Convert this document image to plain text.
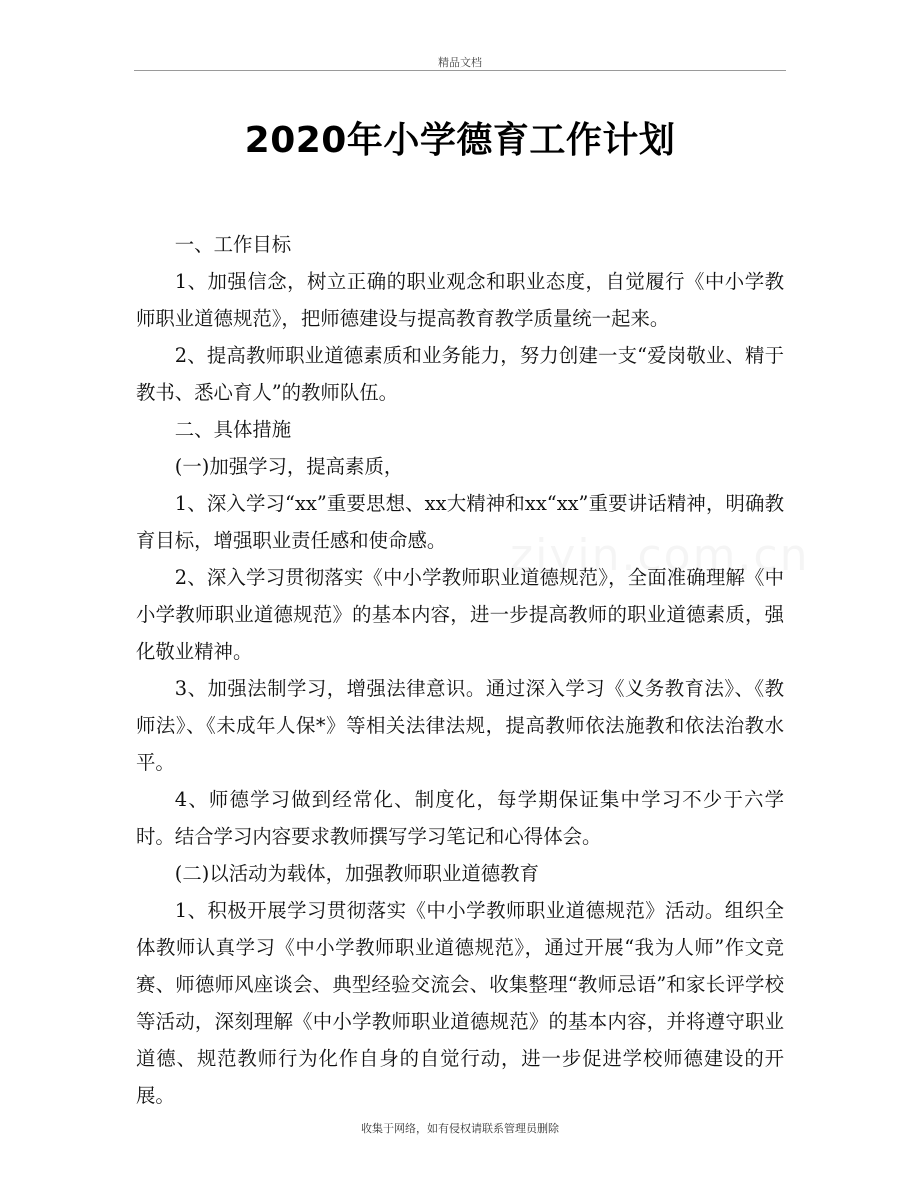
精品文档
2020年小学德育工作计划

一、工作目标

1、加强信念，树立正确的职业观念和职业态度，自觉履行《中小学教师职业道德规范》，把师德建设与提高教育教学质量统一起来。

2、提高教师职业道德素质和业务能力，努力创建一支“爱岗敬业、精于教书、悉心育人”的教师队伍。

二、具体措施

(一)加强学习，提高素质，

1、深入学习“xx”重要思想、xx大精神和xx“xx”重要讲话精神，明确教育目标，增强职业责任感和使命感。

2、深入学习贯彻落实《中小学教师职业道德规范》，全面准确理解《中小学教师职业道德规范》的基本内容，进一步提高教师的职业道德素质，强化敬业精神。

3、加强法制学习，增强法律意识。通过深入学习《义务教育法》、《教师法》、《未成年人保*》等相关法律法规，提高教师依法施教和依法治教水平。

4、师德学习做到经常化、制度化，每学期保证集中学习不少于六学时。结合学习内容要求教师撰写学习笔记和心得体会。

(二)以活动为载体，加强教师职业道德教育

1、积极开展学习贯彻落实《中小学教师职业道德规范》活动。组织全体教师认真学习《中小学教师职业道德规范》，通过开展“我为人师”作文竞赛、师德师风座谈会、典型经验交流会、收集整理“教师忌语”和家长评学校等活动，深刻理解《中小学教师职业道德规范》的基本内容，并将遵守职业道德、规范教师行为化作自身的自觉行动，进一步促进学校师德建设的开展。

ziyin.com.cn
收集于网络，如有侵权请联系管理员删除
